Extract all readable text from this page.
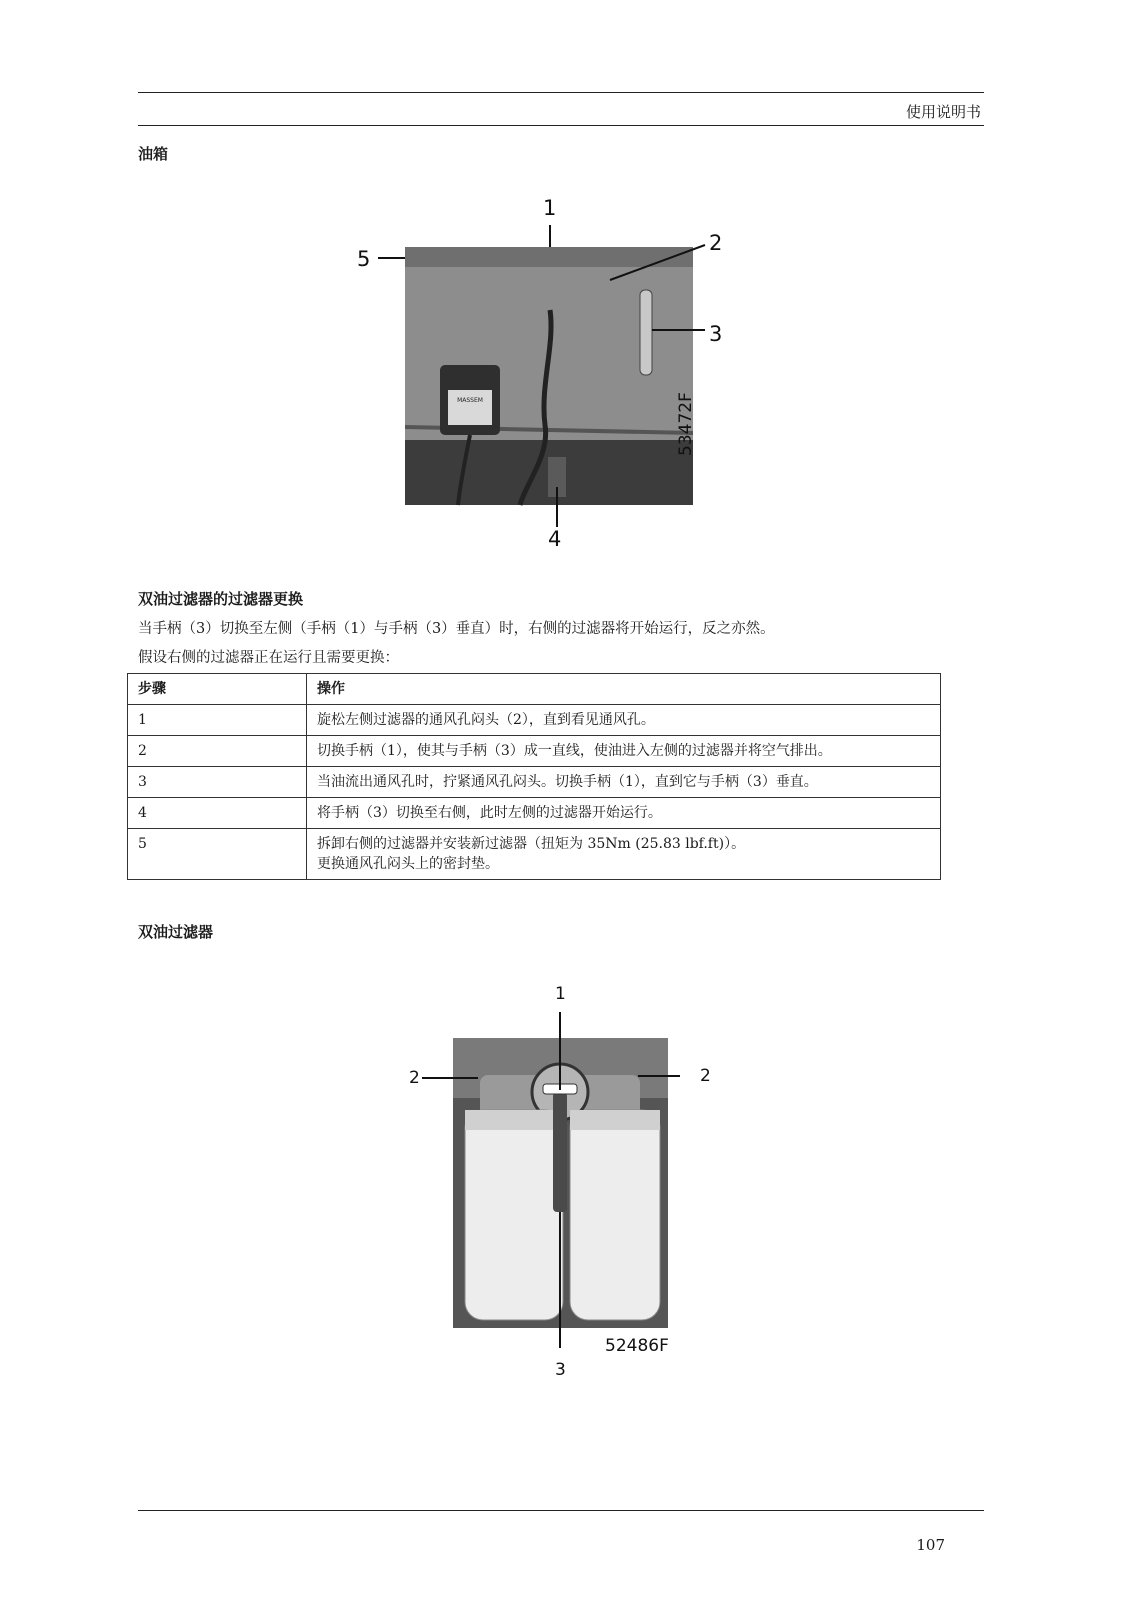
使用说明书
油箱
MASSEM
1
2
3
4
5
53472F
双油过滤器的过滤器更换
当手柄（3）切换至左侧（手柄（1）与手柄（3）垂直）时，右侧的过滤器将开始运行，反之亦然。
假设右侧的过滤器正在运行且需要更换：
步骤	操作
1	旋松左侧过滤器的通风孔闷头（2），直到看见通风孔。
2	切换手柄（1），使其与手柄（3）成一直线，使油进入左侧的过滤器并将空气排出。
3	当油流出通风孔时，拧紧通风孔闷头。切换手柄（1），直到它与手柄（3）垂直。
4	将手柄（3）切换至右侧，此时左侧的过滤器开始运行。
5	拆卸右侧的过滤器并安装新过滤器（扭矩为 35Nm (25.83 lbf.ft)）。
更换通风孔闷头上的密封垫。
双油过滤器
1
2	2
3
52486F
107
